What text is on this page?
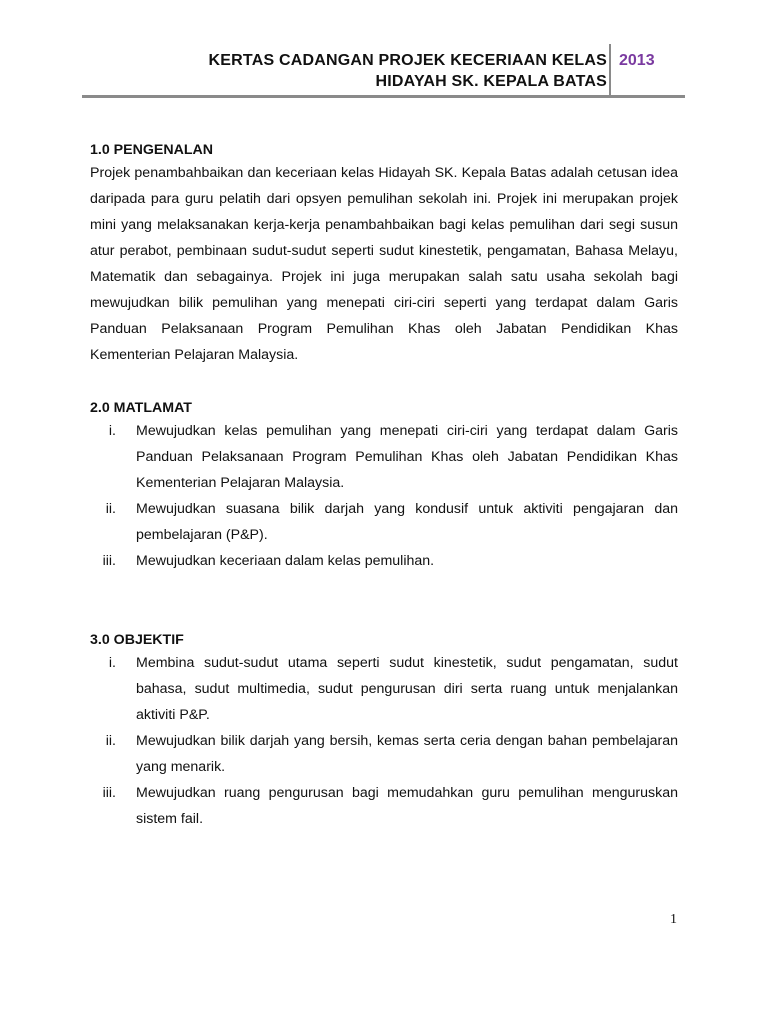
KERTAS CADANGAN PROJEK KECERIAAN KELAS
HIDAYAH SK. KEPALA BATAS
2013

1.0 PENGENALAN

Projek penambahbaikan dan keceriaan kelas Hidayah SK. Kepala Batas adalah cetusan idea daripada para guru pelatih dari opsyen pemulihan sekolah ini. Projek ini merupakan projek mini yang melaksanakan kerja-kerja penambahbaikan bagi kelas pemulihan dari segi susun atur perabot, pembinaan sudut-sudut seperti sudut kinestetik, pengamatan, Bahasa Melayu, Matematik dan sebagainya. Projek ini juga merupakan salah satu usaha sekolah bagi mewujudkan bilik pemulihan yang menepati ciri-ciri seperti yang terdapat dalam Garis Panduan Pelaksanaan Program Pemulihan Khas oleh Jabatan Pendidikan Khas Kementerian Pelajaran Malaysia.

2.0 MATLAMAT

i. Mewujudkan kelas pemulihan yang menepati ciri-ciri yang terdapat dalam Garis Panduan Pelaksanaan Program Pemulihan Khas oleh Jabatan Pendidikan Khas Kementerian Pelajaran Malaysia.
ii. Mewujudkan suasana bilik darjah yang kondusif untuk aktiviti pengajaran dan pembelajaran (P&P).
iii. Mewujudkan keceriaan dalam kelas pemulihan.

3.0 OBJEKTIF

i. Membina sudut-sudut utama seperti sudut kinestetik, sudut pengamatan, sudut bahasa, sudut multimedia, sudut pengurusan diri serta ruang untuk menjalankan aktiviti P&P.
ii. Mewujudkan bilik darjah yang bersih, kemas serta ceria dengan bahan pembelajaran yang menarik.
iii. Mewujudkan ruang pengurusan bagi memudahkan guru pemulihan menguruskan sistem fail.
1
